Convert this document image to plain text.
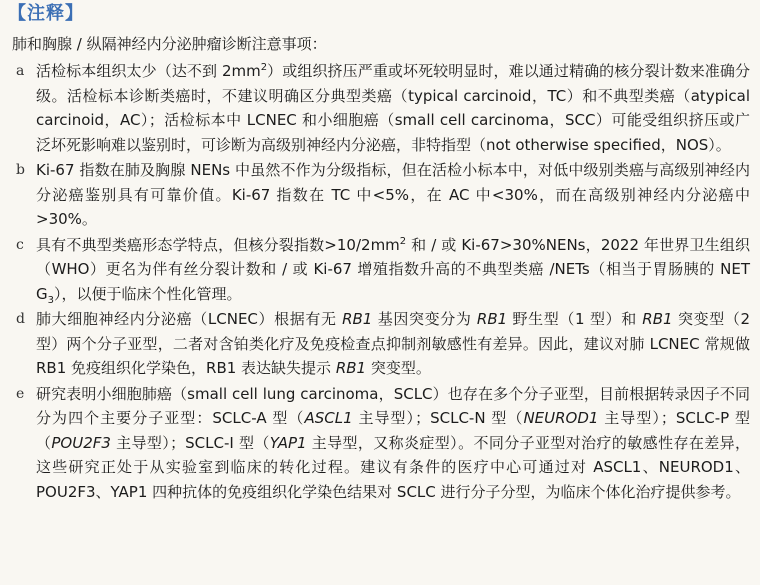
【注释】
肺和胸腺 / 纵隔神经内分泌肿瘤诊断注意事项：
a 活检标本组织太少（达不到 $2mm^2$）或组织挤压严重或坏死较明显时，难以通过精确的核分裂计数来准确分级。活检标本诊断类癌时，不建议明确区分典型类癌（typical carcinoid，TC）和不典型类癌（atypical carcinoid，AC）；活检标本中 LCNEC 和小细胞癌（small cell carcinoma，SCC）可能受组织挤压或广泛坏死影响难以鉴别时，可诊断为高级别神经内分泌癌，非特指型（not otherwise specified，NOS）。
b Ki-67 指数在肺及胸腺 NENs 中虽然不作为分级指标，但在活检小标本中，对低中级别类癌与高级别神经内分泌癌鉴别具有可靠价值。Ki-67 指数在 TC 中<5%，在 AC 中<30%，而在高级别神经内分泌癌中>30%。
c 具有不典型类癌形态学特点，但核分裂指数$>10/2mm^2$ 和 / 或 Ki-67>30%NENs，2022 年世界卫生组织（WHO）更名为伴有丝分裂计数和 / 或 Ki-67 增殖指数升高的不典型类癌 /NETs（相当于胃肠胰的 NET $G_3$），以便于临床个性化管理。
d 肺大细胞神经内分泌癌（LCNEC）根据有无 RB1 基因突变分为 RB1 野生型（1 型）和 RB1 突变型（2 型）两个分子亚型，二者对含铂类化疗及免疫检查点抑制剂敏感性有差异。因此，建议对肺 LCNEC 常规做 RB1 免疫组织化学染色，RB1 表达缺失提示 RB1 突变型。
e 研究表明小细胞肺癌（small cell lung carcinoma，SCLC）也存在多个分子亚型，目前根据转录因子不同分为四个主要分子亚型：SCLC-A 型（ASCL1 主导型）；SCLC-N 型（NEUROD1 主导型）；SCLC-P 型（POU2F3 主导型）；SCLC-I 型（YAP1 主导型，又称炎症型）。不同分子亚型对治疗的敏感性存在差异，这些研究正处于从实验室到临床的转化过程。建议有条件的医疗中心可通过对 ASCL1、NEUROD1、POU2F3、YAP1 四种抗体的免疫组织化学染色结果对 SCLC 进行分子分型，为临床个体化治疗提供参考。
